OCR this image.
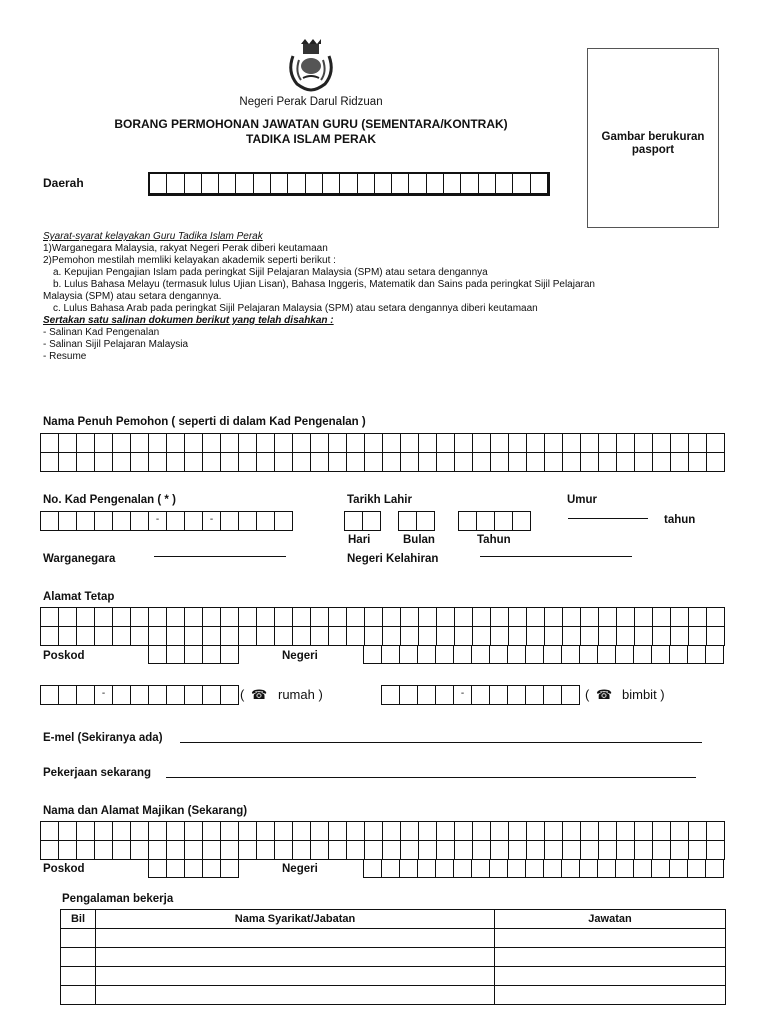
Negeri Perak Darul Ridzuan
BORANG PERMOHONAN JAWATAN GURU (SEMENTARA/KONTRAK)
TADIKA ISLAM PERAK	Gambar berukuran pasport
Daerah
Syarat-syarat kelayakan Guru Tadika Islam Perak
1)Warganegara Malaysia, rakyat Negeri Perak diberi keutamaan
2)Pemohon mestilah memliki kelayakan akademik seperti berikut :
a. Kepujian Pengajian Islam pada peringkat Sijil Pelajaran Malaysia (SPM) atau setara dengannya
b. Lulus Bahasa Melayu (termasuk lulus Ujian Lisan), Bahasa Inggeris, Matematik dan Sains pada peringkat Sijil Pelajaran
Malaysia (SPM) atau setara dengannya.
c. Lulus Bahasa Arab pada peringkat Sijil Pelajaran Malaysia (SPM) atau setara dengannya diberi keutamaan
Sertakan satu salinan dokumen berikut yang telah disahkan :
- Salinan Kad Pengenalan
- Salinan Sijil Pelajaran Malaysia
- Resume
Nama Penuh Pemohon ( seperti di dalam Kad Pengenalan )
No. Kad Pengenalan ( * )
-	-
Tarikh Lahir
Hari	Bulan	Tahun
Umur
tahun
Warganegara	Negeri Kelahiran
Alamat Tetap
Poskod	Negeri
-	( ☎ rumah )	-	( ☎ bimbit )
E-mel (Sekiranya ada)
Pekerjaan sekarang
Nama dan Alamat Majikan (Sekarang)
Poskod	Negeri
Pengalaman bekerja
Bil	Nama Syarikat/Jabatan	Jawatan
